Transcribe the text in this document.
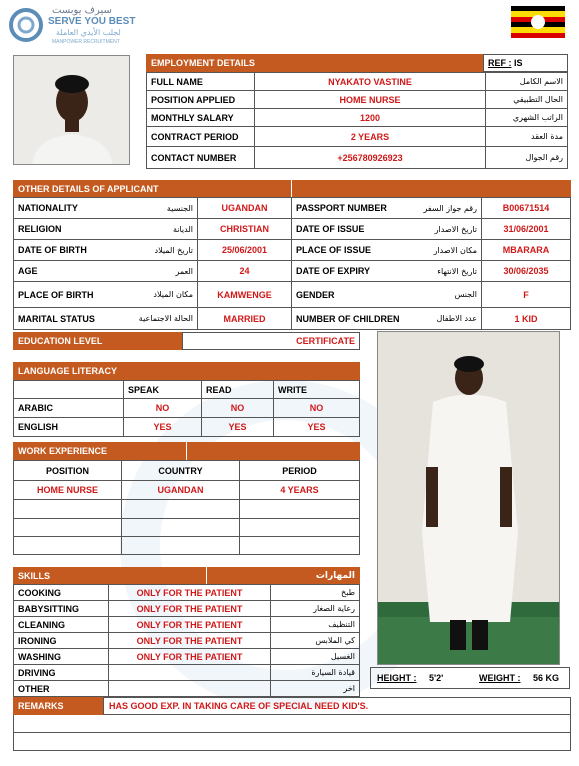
سيرف يوبست
SERVE YOU BEST
لجلب الأيدي العاملة
MANPOWER RECRUITMENT
EMPLOYMENT DETAILS	REF : IS
FULL NAME	NYAKATO VASTINE	الاسم الكامل
POSITION APPLIED	HOME NURSE	الحال التطبيقي
MONTHLY SALARY	1200	الراتب الشهري
CONTRACT PERIOD	2 YEARS	مدة العقد
CONTACT NUMBER	+256780926923	رقم الجوال
OTHER DETAILS OF APPLICANT
NATIONALITY	الجنسية	UGANDAN	PASSPORT NUMBER	رقم جواز السفر	B00671514
RELIGION	الديانة	CHRISTIAN	DATE OF ISSUE	تاريخ الاصدار	31/06/2001
DATE OF BIRTH	تاريخ الميلاد	25/06/2001	PLACE OF ISSUE	مكان الاصدار	MBARARA
AGE	العمر	24	DATE OF EXPIRY	تاريخ الانتهاء	30/06/2035
PLACE OF BIRTH	مكان الميلاد	KAMWENGE	GENDER	الجنس	F
MARITAL STATUS	الحالة الاجتماعية	MARRIED	NUMBER OF CHILDREN	عدد الاطفال	1 KID
EDUCATION LEVEL	CERTIFICATE
LANGUAGE LITERACY
	SPEAK	READ	WRITE
ARABIC	NO	NO	NO
ENGLISH	YES	YES	YES
WORK EXPERIENCE
POSITION	COUNTRY	PERIOD
HOME NURSE	UGANDAN	4 YEARS

SKILLS	المهارات
COOKING	ONLY FOR THE PATIENT	طبخ
BABYSITTING	ONLY FOR THE PATIENT	رعاية الصغار
CLEANING	ONLY FOR THE PATIENT	التنظيف
IRONING	ONLY FOR THE PATIENT	كي الملابس
WASHING	ONLY FOR THE PATIENT	الغسيل
DRIVING		قيادة السيارة
OTHER		اخر
HEIGHT : 5'2'	WEIGHT : 56 KG
REMARKS	HAS GOOD EXP. IN TAKING CARE OF SPECIAL NEED KID'S.
